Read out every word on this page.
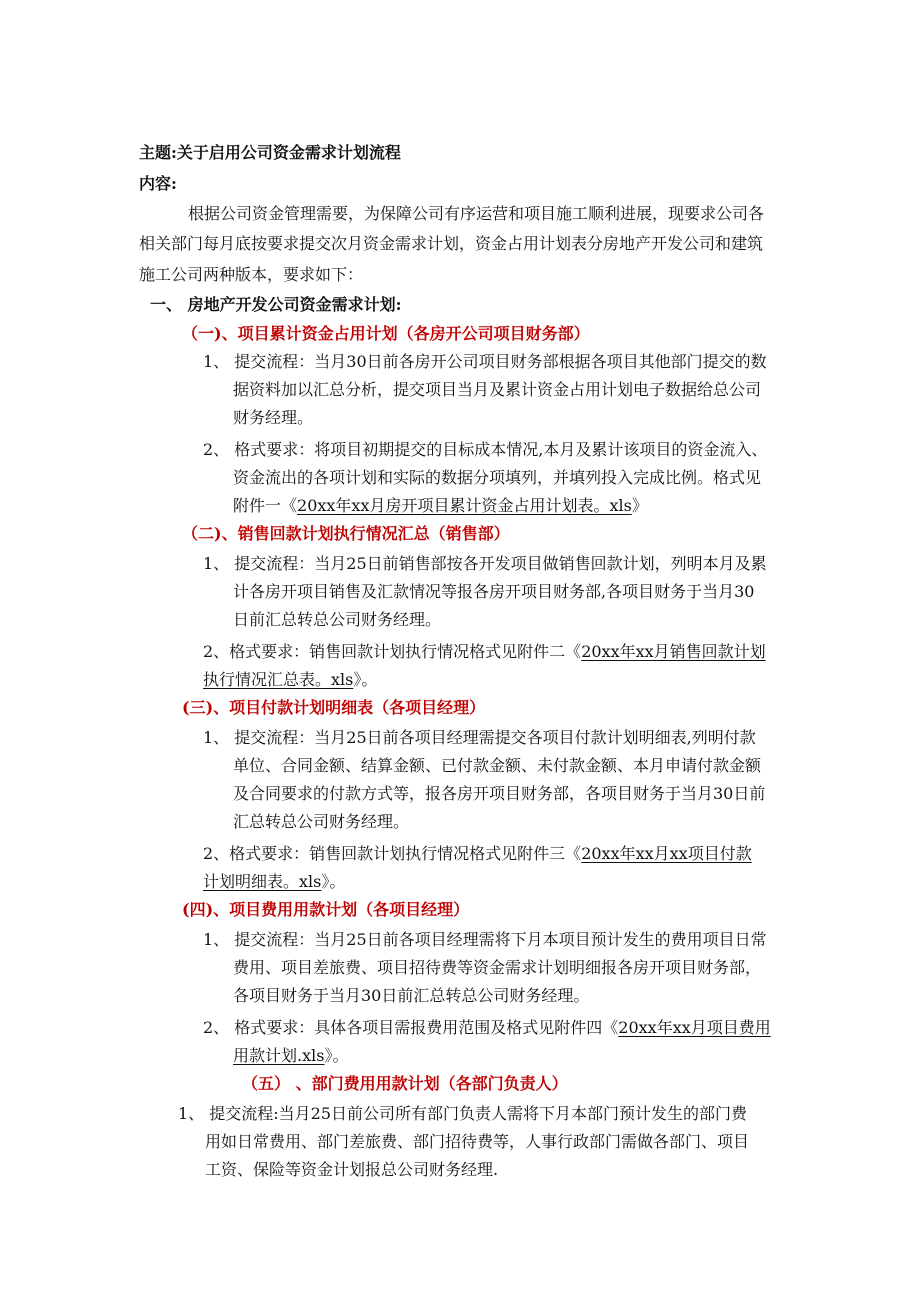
主题:关于启用公司资金需求计划流程
内容:
根据公司资金管理需要，为保障公司有序运营和项目施工顺利进展，现要求公司各
相关部门每月底按要求提交次月资金需求计划，资金占用计划表分房地产开发公司和建筑
施工公司两种版本，要求如下：
一、 房地产开发公司资金需求计划:
（一)、项目累计资金占用计划（各房开公司项目财务部）
1、 提交流程：当月30日前各房开公司项目财务部根据各项目其他部门提交的数
据资料加以汇总分析，提交项目当月及累计资金占用计划电子数据给总公司
财务经理。
2、 格式要求：将项目初期提交的目标成本情况,本月及累计该项目的资金流入、
资金流出的各项计划和实际的数据分项填列，并填列投入完成比例。格式见
附件一《20xx年xx月房开项目累计资金占用计划表。xls》
（二)、销售回款计划执行情况汇总（销售部）
1、 提交流程：当月25日前销售部按各开发项目做销售回款计划，列明本月及累
计各房开项目销售及汇款情况等报各房开项目财务部,各项目财务于当月30
日前汇总转总公司财务经理。
2、格式要求：销售回款计划执行情况格式见附件二《20xx年xx月销售回款计划
执行情况汇总表。xls》。
(三)、项目付款计划明细表（各项目经理）
1、 提交流程：当月25日前各项目经理需提交各项目付款计划明细表,列明付款
单位、合同金额、结算金额、已付款金额、未付款金额、本月申请付款金额
及合同要求的付款方式等，报各房开项目财务部，各项目财务于当月30日前
汇总转总公司财务经理。
2、格式要求：销售回款计划执行情况格式见附件三《20xx年xx月xx项目付款
计划明细表。xls》。
(四)、项目费用用款计划（各项目经理）
1、 提交流程：当月25日前各项目经理需将下月本项目预计发生的费用项目日常
费用、项目差旅费、项目招待费等资金需求计划明细报各房开项目财务部，
各项目财务于当月30日前汇总转总公司财务经理。
2、 格式要求：具体各项目需报费用范围及格式见附件四《20xx年xx月项目费用
用款计划.xls》。
（五） 、部门费用用款计划（各部门负责人）
1、 提交流程:当月25日前公司所有部门负责人需将下月本部门预计发生的部门费
用如日常费用、部门差旅费、部门招待费等，人事行政部门需做各部门、项目
工资、保险等资金计划报总公司财务经理.
